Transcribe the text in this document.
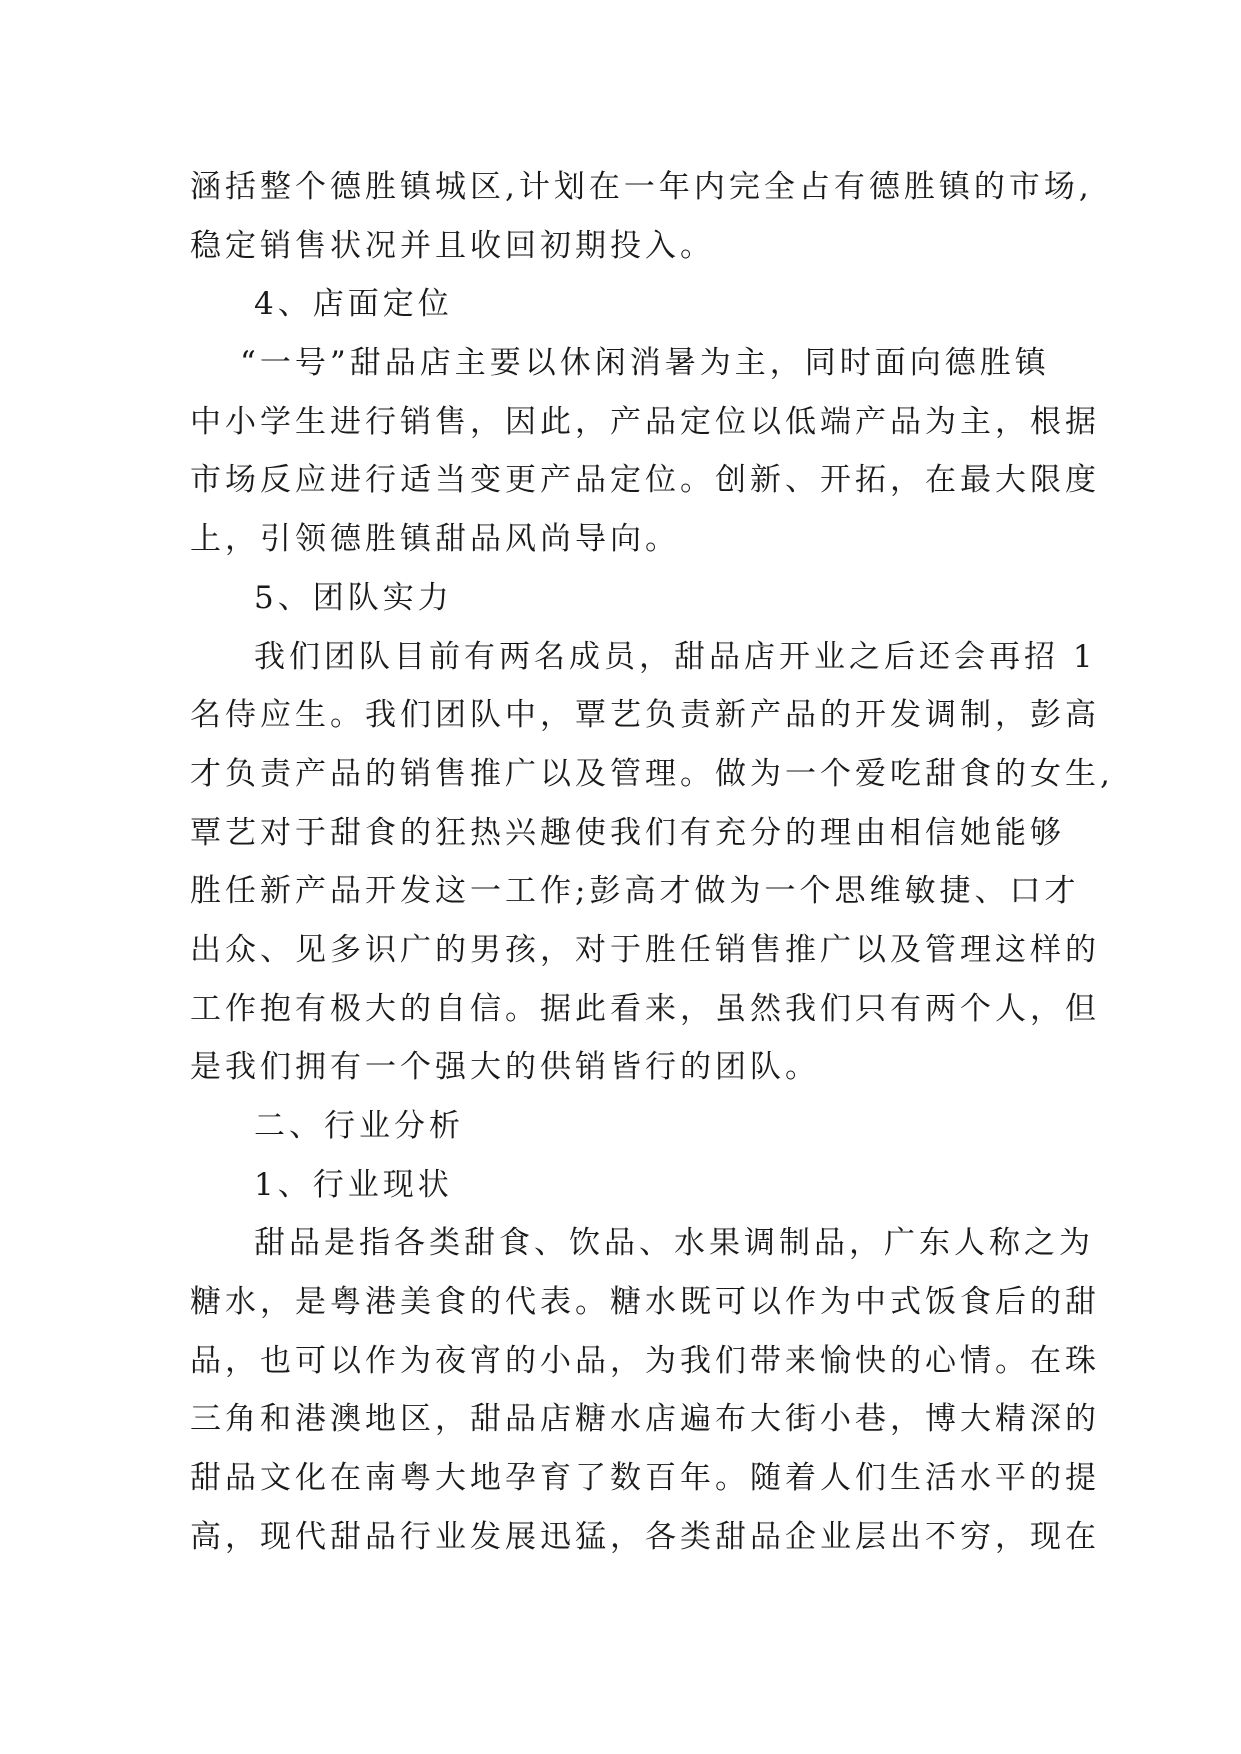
涵括整个德胜镇城区,计划在一年内完全占有德胜镇的市场,
稳定销售状况并且收回初期投入。
4、店面定位
“一号”甜品店主要以休闲消暑为主，同时面向德胜镇
中小学生进行销售，因此，产品定位以低端产品为主，根据
市场反应进行适当变更产品定位。创新、开拓，在最大限度
上，引领德胜镇甜品风尚导向。
5、团队实力
我们团队目前有两名成员，甜品店开业之后还会再招 1
名侍应生。我们团队中，覃艺负责新产品的开发调制，彭高
才负责产品的销售推广以及管理。做为一个爱吃甜食的女生,
覃艺对于甜食的狂热兴趣使我们有充分的理由相信她能够
胜任新产品开发这一工作;彭高才做为一个思维敏捷、口才
出众、见多识广的男孩，对于胜任销售推广以及管理这样的
工作抱有极大的自信。据此看来，虽然我们只有两个人，但
是我们拥有一个强大的供销皆行的团队。
二、行业分析
1、行业现状
甜品是指各类甜食、饮品、水果调制品，广东人称之为
糖水，是粤港美食的代表。糖水既可以作为中式饭食后的甜
品，也可以作为夜宵的小品，为我们带来愉快的心情。在珠
三角和港澳地区，甜品店糖水店遍布大街小巷，博大精深的
甜品文化在南粤大地孕育了数百年。随着人们生活水平的提
高，现代甜品行业发展迅猛，各类甜品企业层出不穷，现在
